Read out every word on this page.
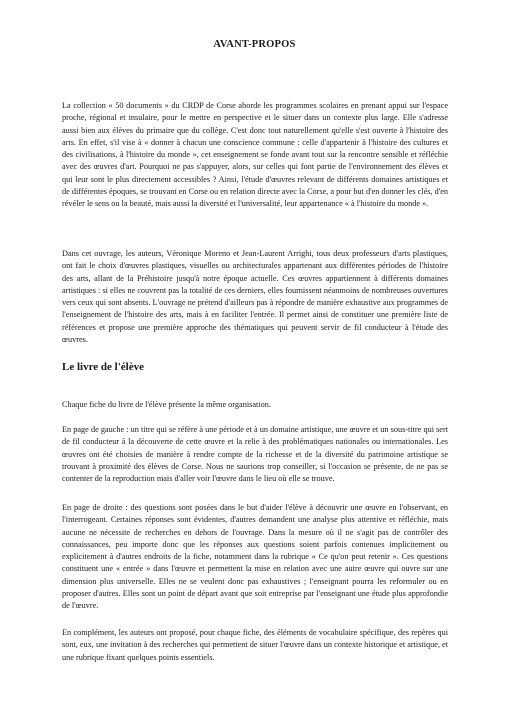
AVANT-PROPOS

La collection « 50 documents » du CRDP de Corse aborde les programmes scolaires en prenant appui sur l'espace proche, régional et insulaire, pour le mettre en perspective et le situer dans un contexte plus large. Elle s'adresse aussi bien aux élèves du primaire que du collège. C'est donc tout naturellement qu'elle s'est ouverte à l'histoire des arts. En effet, s'il vise à « donner à chacun une conscience commune : celle d'appartenir à l'histoire des cultures et des civilisations, à l'histoire du monde », cet enseignement se fonde avant tout sur la rencontre sensible et réfléchie avec des œuvres d'art. Pourquoi ne pas s'appuyer, alors, sur celles qui font partie de l'environnement des élèves et qui leur sont le plus directement accessibles ? Ainsi, l'étude d'œuvres relevant de différents domaines artistiques et de différentes époques, se trouvant en Corse ou en relation directe avec la Corse, a pour but d'en donner les clés, d'en révéler le sens ou la beauté, mais aussi la diversité et l'universalité, leur appartenance « à l'histoire du monde ».

Dans cet ouvrage, les auteurs, Véronique Moreno et Jean-Laurent Arrighi, tous deux professeurs d'arts plastiques, ont fait le choix d'œuvres plastiques, visuelles ou architecturales appartenant aux différentes périodes de l'histoire des arts, allant de la Préhistoire jusqu'à notre époque actuelle. Ces œuvres appartiennent à différents domaines artistiques : si elles ne couvrent pas la totalité de ces derniers, elles fournissent néanmoins de nombreuses ouvertures vers ceux qui sont absents. L'ouvrage ne prétend d'ailleurs pas à répondre de manière exhaustive aux programmes de l'enseignement de l'histoire des arts, mais à en faciliter l'entrée. Il permet ainsi de constituer une première liste de références et propose une première approche des thématiques qui peuvent servir de fil conducteur à l'étude des œuvres.

Le livre de l'élève

Chaque fiche du livre de l'élève présente la même organisation.

En page de gauche : un titre qui se réfère à une période et à un domaine artistique, une œuvre et un sous-titre qui sert de fil conducteur à la découverte de cette œuvre et la relie à des problématiques nationales ou internationales. Les œuvres ont été choisies de manière à rendre compte de la richesse et de la diversité du patrimoine artistique se trouvant à proximité des élèves de Corse. Nous ne saurions trop conseiller, si l'occasion se présente, de ne pas se contenter de la reproduction mais d'aller voir l'œuvre dans le lieu où elle se trouve.

En page de droite : des questions sont posées dans le but d'aider l'élève à découvrir une œuvre en l'observant, en l'interrogeant. Certaines réponses sont évidentes, d'autres demandent une analyse plus attentive et réfléchie, mais aucune ne nécessite de recherches en dehors de l'ouvrage. Dans la mesure où il ne s'agit pas de contrôler des connaissances, peu importe donc que les réponses aux questions soient parfois contenues implicitement ou explicitement à d'autres endroits de la fiche, notamment dans la rubrique « Ce qu'on peut retenir ». Ces questions constituent une « entrée » dans l'œuvre et permettent la mise en relation avec une autre œuvre qui ouvre sur une dimension plus universelle. Elles ne se veulent donc pas exhaustives ; l'enseignant pourra les reformuler ou en proposer d'autres. Elles sont un point de départ avant que soit entreprise par l'enseignant une étude plus approfondie de l'œuvre.

En complément, les auteurs ont proposé, pour chaque fiche, des éléments de vocabulaire spécifique, des repères qui sont, eux, une invitation à des recherches qui permettent de situer l'œuvre dans un contexte historique et artistique, et une rubrique fixant quelques points essentiels.
